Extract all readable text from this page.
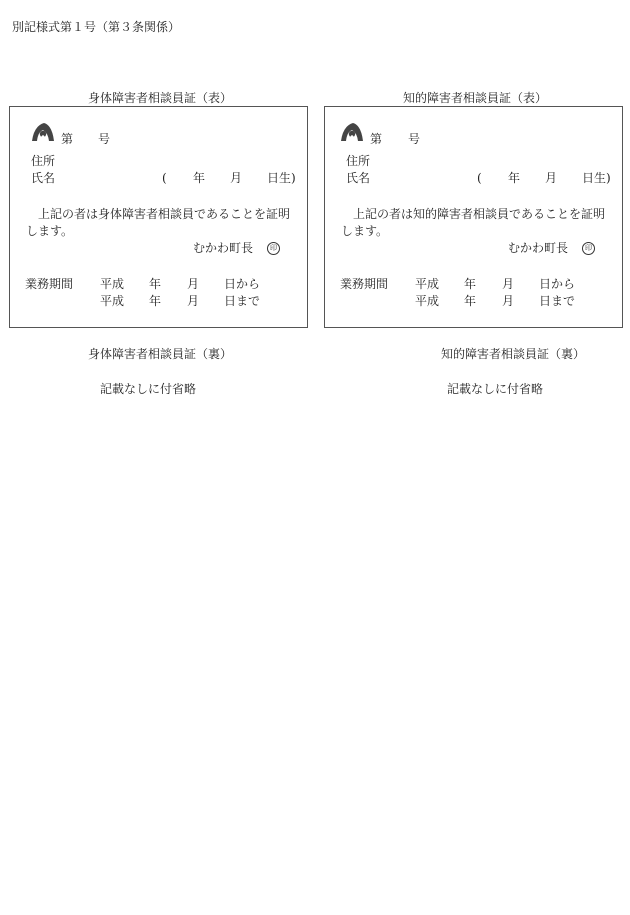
別記様式第１号（第３条関係）
身体障害者相談員証（表）
第 号
住所
氏名	( 年 月 日生)
上記の者は身体障害者相談員であることを証明
します。
むかわ町長	印
業務期間 平成 年 月 日から
平成 年 月 日まで
身体障害者相談員証（裏）
記載なしに付省略
知的障害者相談員証（表）
第 号
住所
氏名	( 年 月 日生)
上記の者は知的障害者相談員であることを証明
します。
むかわ町長	印
業務期間 平成 年 月 日から
平成 年 月 日まで
知的障害者相談員証（裏）
記載なしに付省略
